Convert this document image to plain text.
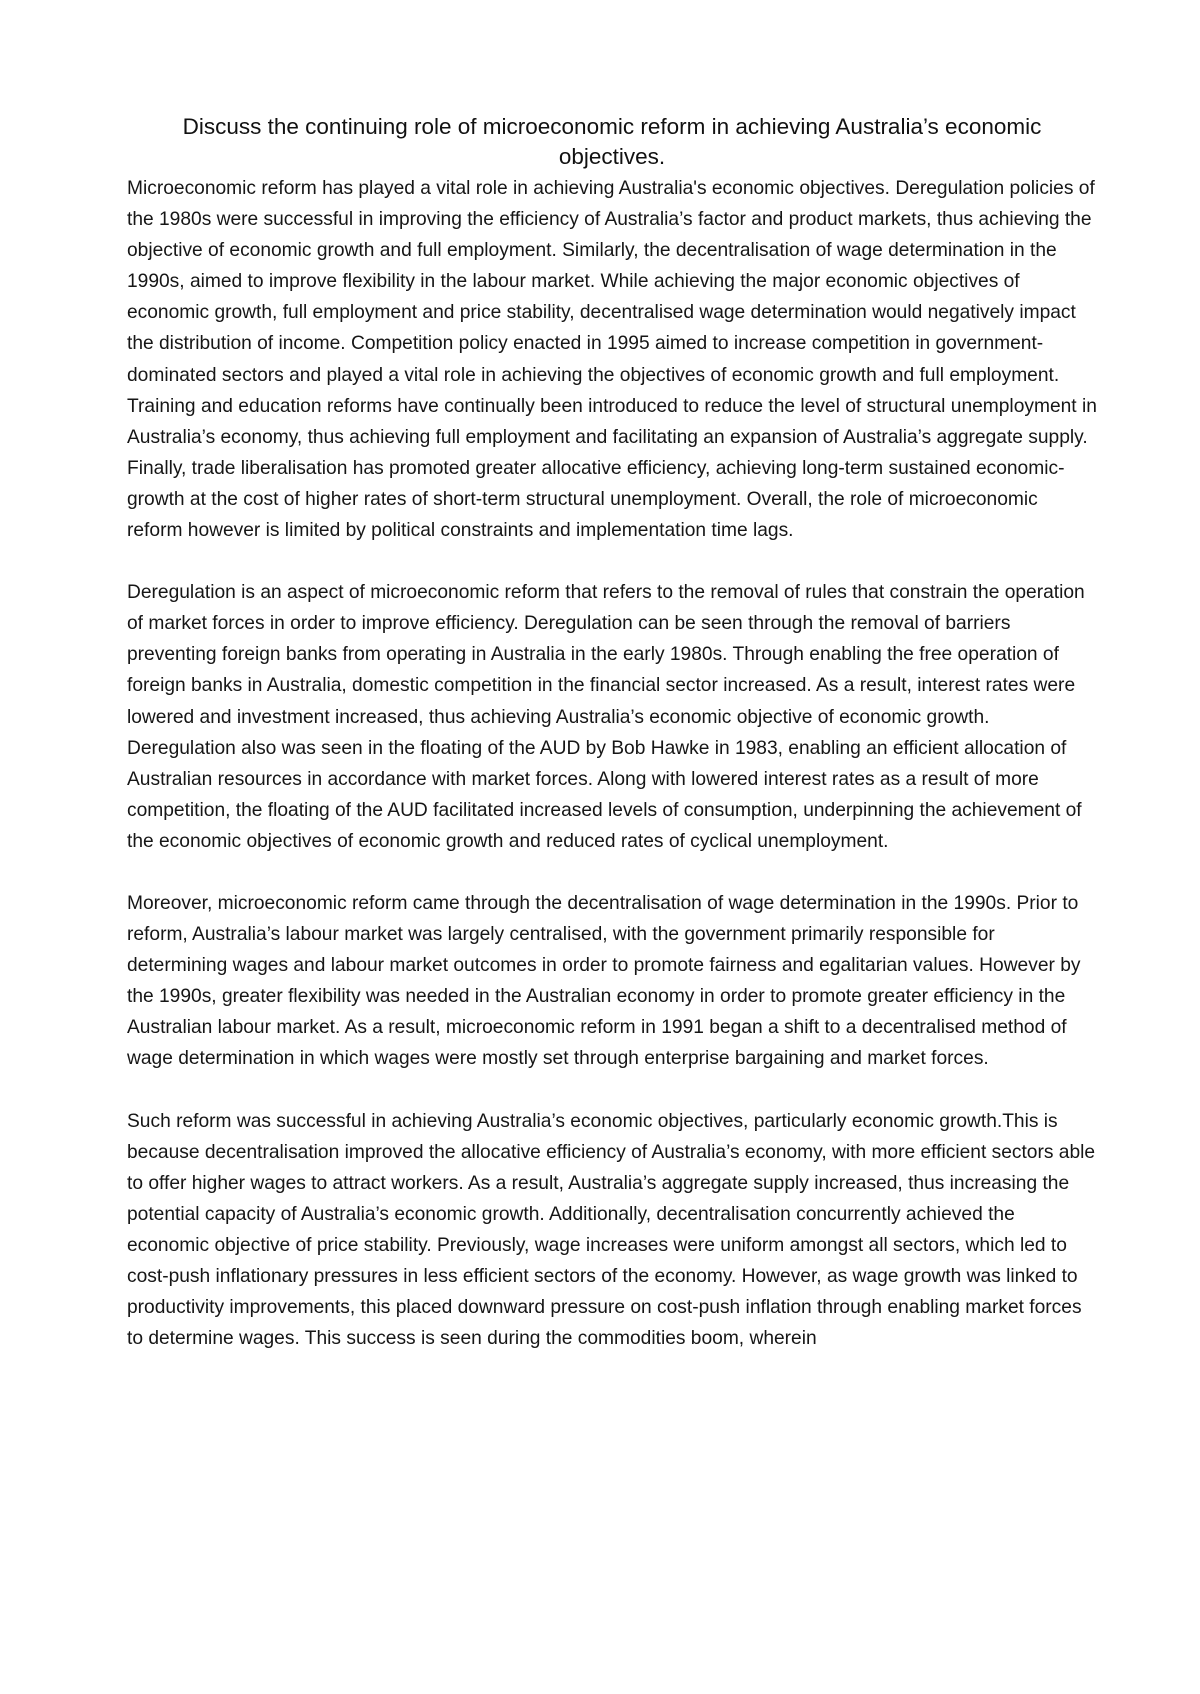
Discuss the continuing role of microeconomic reform in achieving Australia’s economic objectives.

Microeconomic reform has played a vital role in achieving Australia's economic objectives. Deregulation policies of the 1980s were successful in improving the efficiency of Australia’s factor and product markets, thus achieving the objective of economic growth and full employment. Similarly, the decentralisation of wage determination in the 1990s, aimed to improve flexibility in the labour market. While achieving the major economic objectives of economic growth, full employment and price stability, decentralised wage determination would negatively impact the distribution of income. Competition policy enacted in 1995 aimed to increase competition in government-dominated sectors and played a vital role in achieving the objectives of economic growth and full employment. Training and education reforms have continually been introduced to reduce the level of structural unemployment in Australia’s economy, thus achieving full employment and facilitating an expansion of Australia’s aggregate supply. Finally, trade liberalisation has promoted greater allocative efficiency, achieving long-term sustained economic-growth at the cost of higher rates of short-term structural unemployment. Overall, the role of microeconomic reform however is limited by political constraints and implementation time lags.

Deregulation is an aspect of microeconomic reform that refers to the removal of rules that constrain the operation of market forces in order to improve efficiency. Deregulation can be seen through the removal of barriers preventing foreign banks from operating in Australia in the early 1980s. Through enabling the free operation of foreign banks in Australia, domestic competition in the financial sector increased. As a result, interest rates were lowered and investment increased, thus achieving Australia’s economic objective of economic growth. Deregulation also was seen in the floating of the AUD by Bob Hawke in 1983, enabling an efficient allocation of Australian resources in accordance with market forces. Along with lowered interest rates as a result of more competition, the floating of the AUD facilitated increased levels of consumption, underpinning the achievement of the economic objectives of economic growth and reduced rates of cyclical unemployment.

Moreover, microeconomic reform came through the decentralisation of wage determination in the 1990s. Prior to reform, Australia’s labour market was largely centralised, with the government primarily responsible for determining wages and labour market outcomes in order to promote fairness and egalitarian values. However by the 1990s, greater flexibility was needed in the Australian economy in order to promote greater efficiency in the Australian labour market. As a result, microeconomic reform in 1991 began a shift to a decentralised method of wage determination in which wages were mostly set through enterprise bargaining and market forces.

Such reform was successful in achieving Australia’s economic objectives, particularly economic growth.This is because decentralisation improved the allocative efficiency of Australia’s economy, with more efficient sectors able to offer higher wages to attract workers. As a result, Australia’s aggregate supply increased, thus increasing the potential capacity of Australia’s economic growth. Additionally, decentralisation concurrently achieved the economic objective of price stability. Previously, wage increases were uniform amongst all sectors, which led to cost-push inflationary pressures in less efficient sectors of the economy. However, as wage growth was linked to productivity improvements, this placed downward pressure on cost-push inflation through enabling market forces to determine wages. This success is seen during the commodities boom, wherein
